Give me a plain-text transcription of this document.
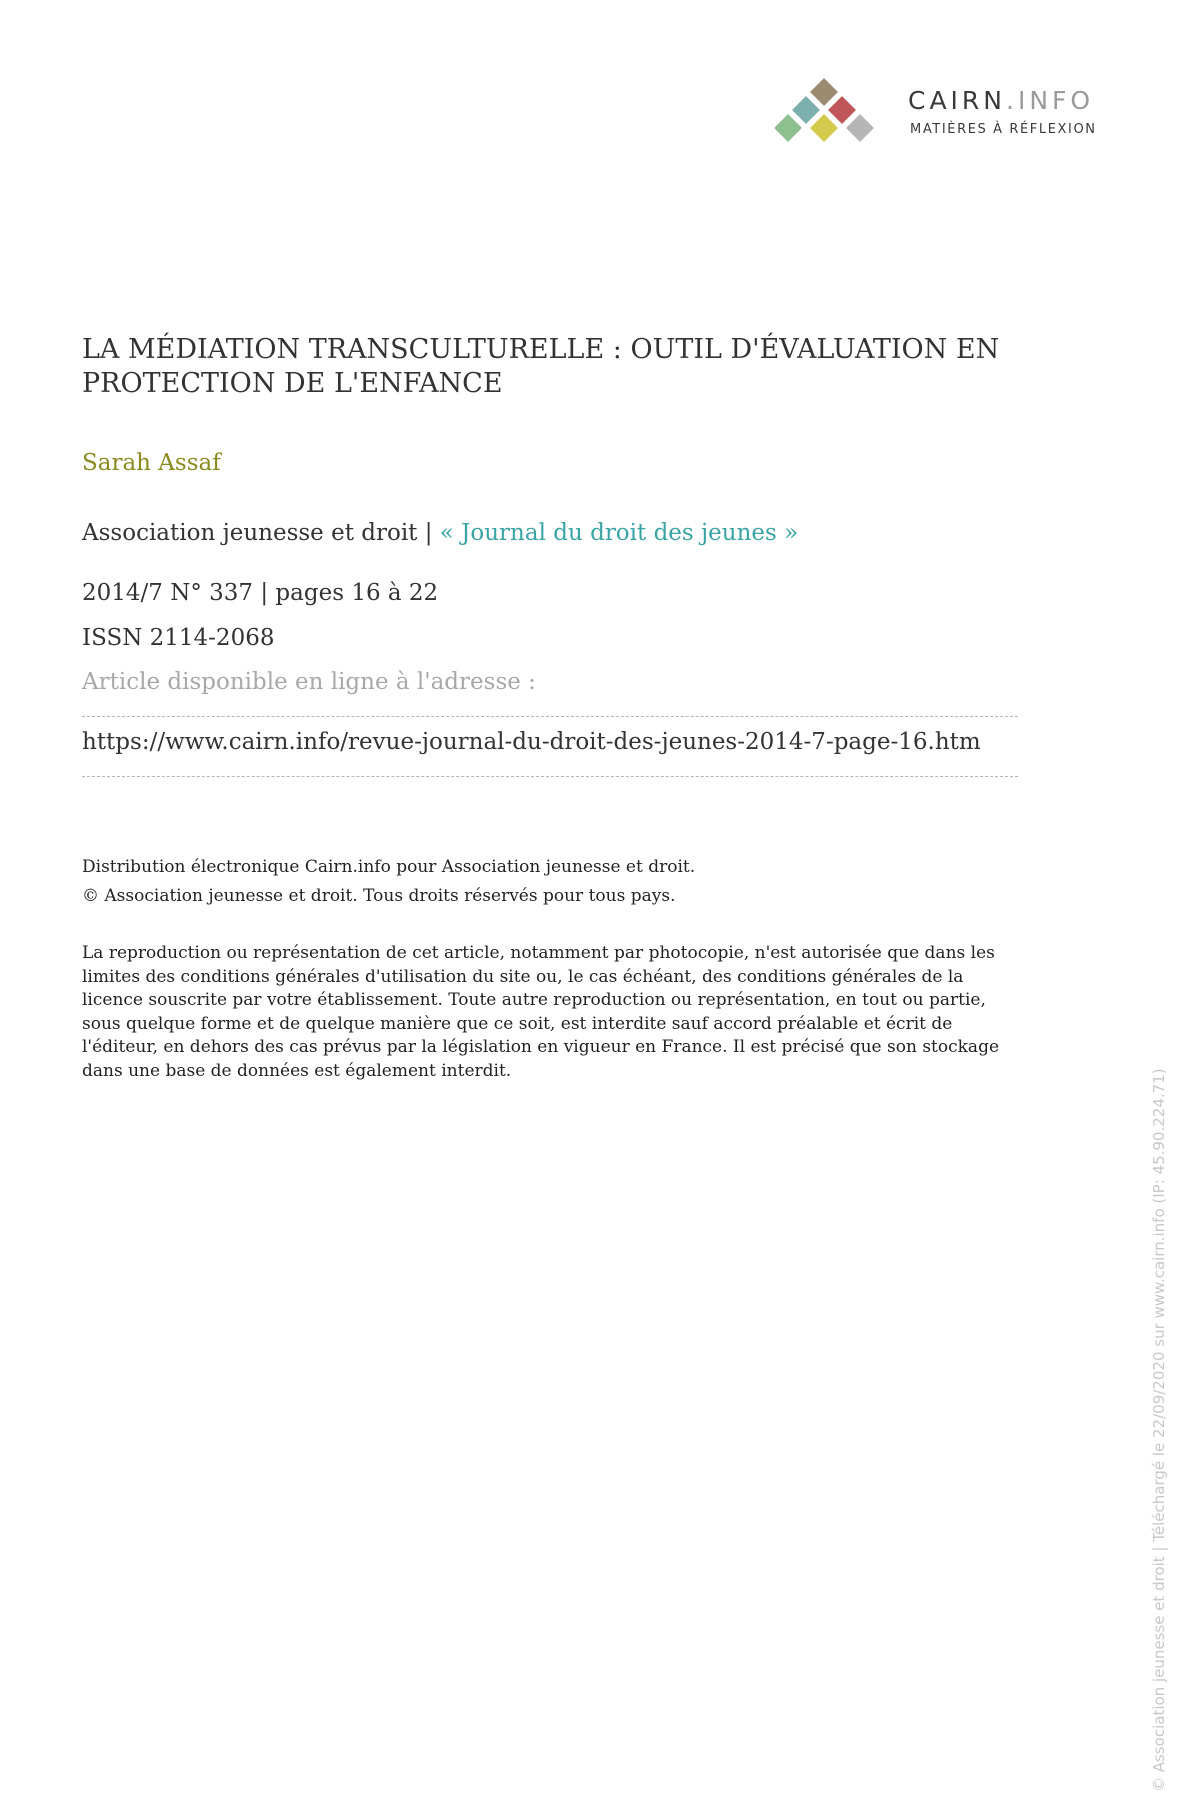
CAIRN.INFO
MATIÈRES À RÉFLEXION
LA MÉDIATION TRANSCULTURELLE : OUTIL D'ÉVALUATION EN
PROTECTION DE L'ENFANCE
Sarah Assaf
Association jeunesse et droit | « Journal du droit des jeunes »
2014/7 N° 337 | pages 16 à 22
ISSN 2114-2068
Article disponible en ligne à l'adresse :
https://www.cairn.info/revue-journal-du-droit-des-jeunes-2014-7-page-16.htm
Distribution électronique Cairn.info pour Association jeunesse et droit.
© Association jeunesse et droit. Tous droits réservés pour tous pays.
La reproduction ou représentation de cet article, notamment par photocopie, n'est autorisée que dans les
limites des conditions générales d'utilisation du site ou, le cas échéant, des conditions générales de la
licence souscrite par votre établissement. Toute autre reproduction ou représentation, en tout ou partie,
sous quelque forme et de quelque manière que ce soit, est interdite sauf accord préalable et écrit de
l'éditeur, en dehors des cas prévus par la législation en vigueur en France. Il est précisé que son stockage
dans une base de données est également interdit.	© Association jeunesse et droit | Téléchargé le 22/09/2020 sur www.cairn.info (IP: 45.90.224.71)
